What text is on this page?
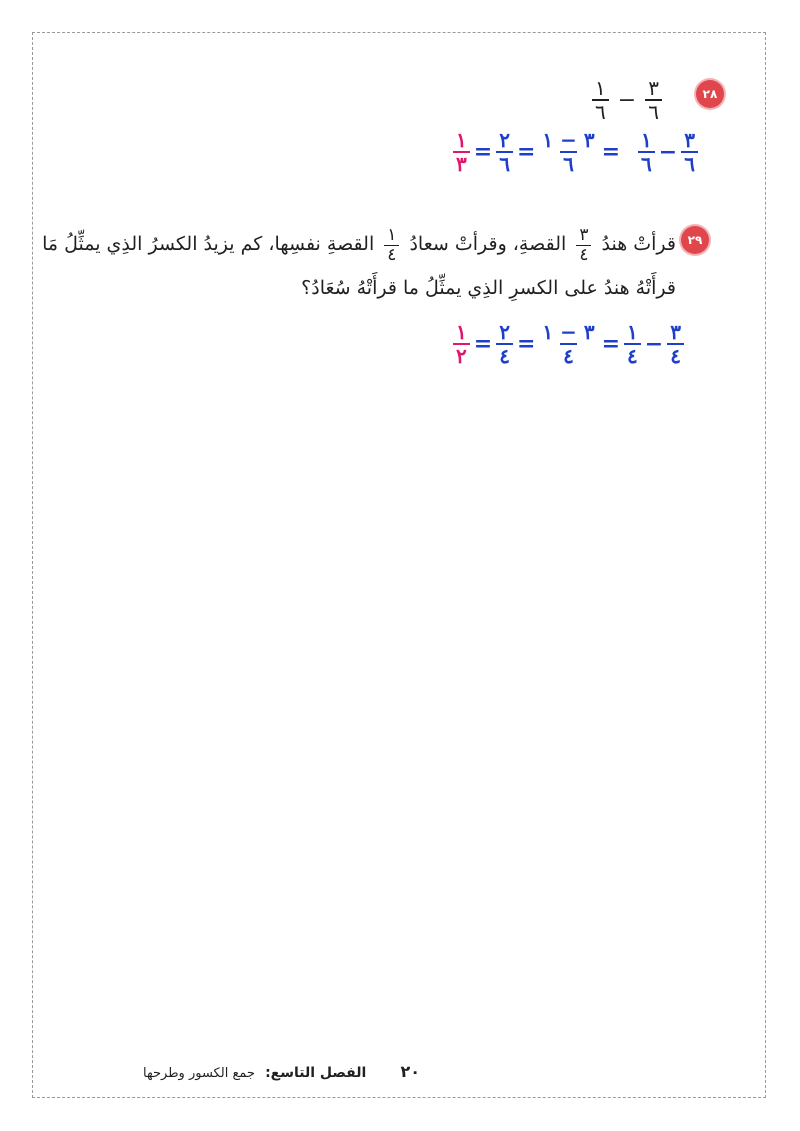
٢٨
$\frac{١}{٦} - \frac{٣}{٦}$
$\frac{١}{٣} = \frac{٢}{٦} = \frac{٣ - ١}{٦} = \frac{١}{٦} - \frac{٣}{٦}$
٢٩
قرأتْ هندُ
$\frac{٣}{٤}$
القصةِ، وقرأتْ سعادُ
$\frac{١}{٤}$
القصةِ نفسِها، كم يزيدُ الكسرُ الذِي يمثِّلُ مَا قرأَتْهُ هندُ على الكسرِ الذِي يمثِّلُ ما قرأَتْهُ سُعَادُ؟
$\frac{١}{٢} = \frac{٢}{٤} = \frac{٣ - ١}{٤} = \frac{١}{٤} - \frac{٣}{٤}$
٢٠ الفصل التاسع: جمع الكسور وطرحها
